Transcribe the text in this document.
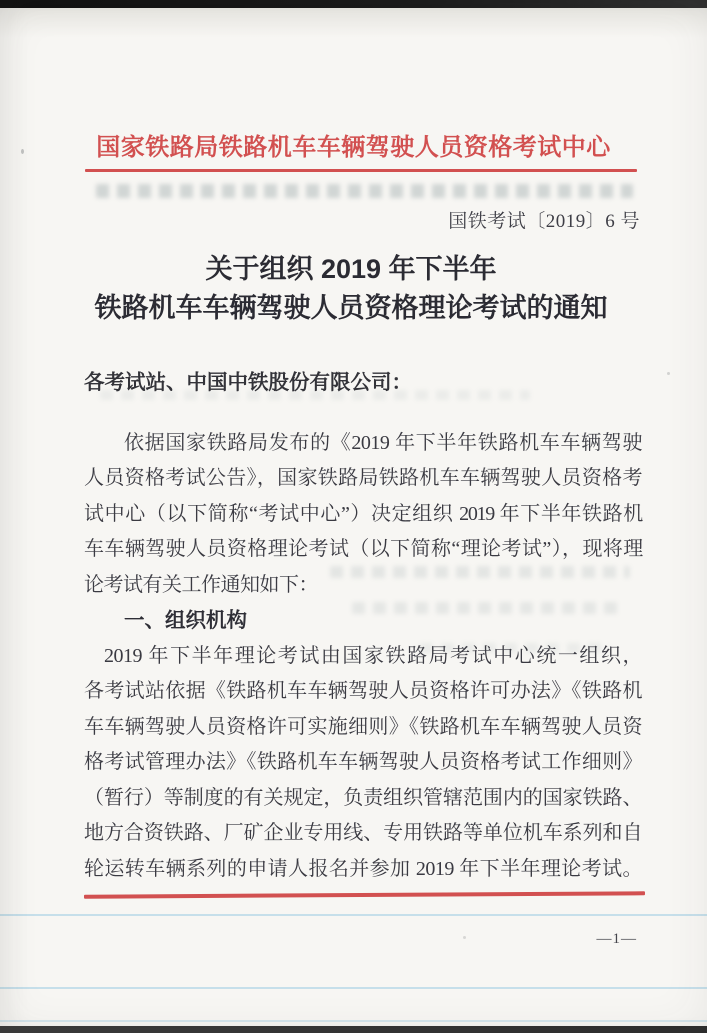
国家铁路局铁路机车车辆驾驶人员资格考试中心
国铁考试〔2019〕6 号
关于组织 2019 年下半年
铁路机车车辆驾驶人员资格理论考试的通知
各考试站、中国中铁股份有限公司：
依据国家铁路局发布的《2019 年下半年铁路机车车辆驾驶
人员资格考试公告》，国家铁路局铁路机车车辆驾驶人员资格考
试中心（以下简称“考试中心”）决定组织 2019 年下半年铁路机
车车辆驾驶人员资格理论考试（以下简称“理论考试”），现将理
论考试有关工作通知如下：
一、组织机构
2019 年下半年理论考试由国家铁路局考试中心统一组织，
各考试站依据《铁路机车车辆驾驶人员资格许可办法》《铁路机
车车辆驾驶人员资格许可实施细则》《铁路机车车辆驾驶人员资
格考试管理办法》《铁路机车车辆驾驶人员资格考试工作细则》
（暂行）等制度的有关规定，负责组织管辖范围内的国家铁路、
地方合资铁路、厂矿企业专用线、专用铁路等单位机车系列和自
轮运转车辆系列的申请人报名并参加 2019 年下半年理论考试。
—1—
